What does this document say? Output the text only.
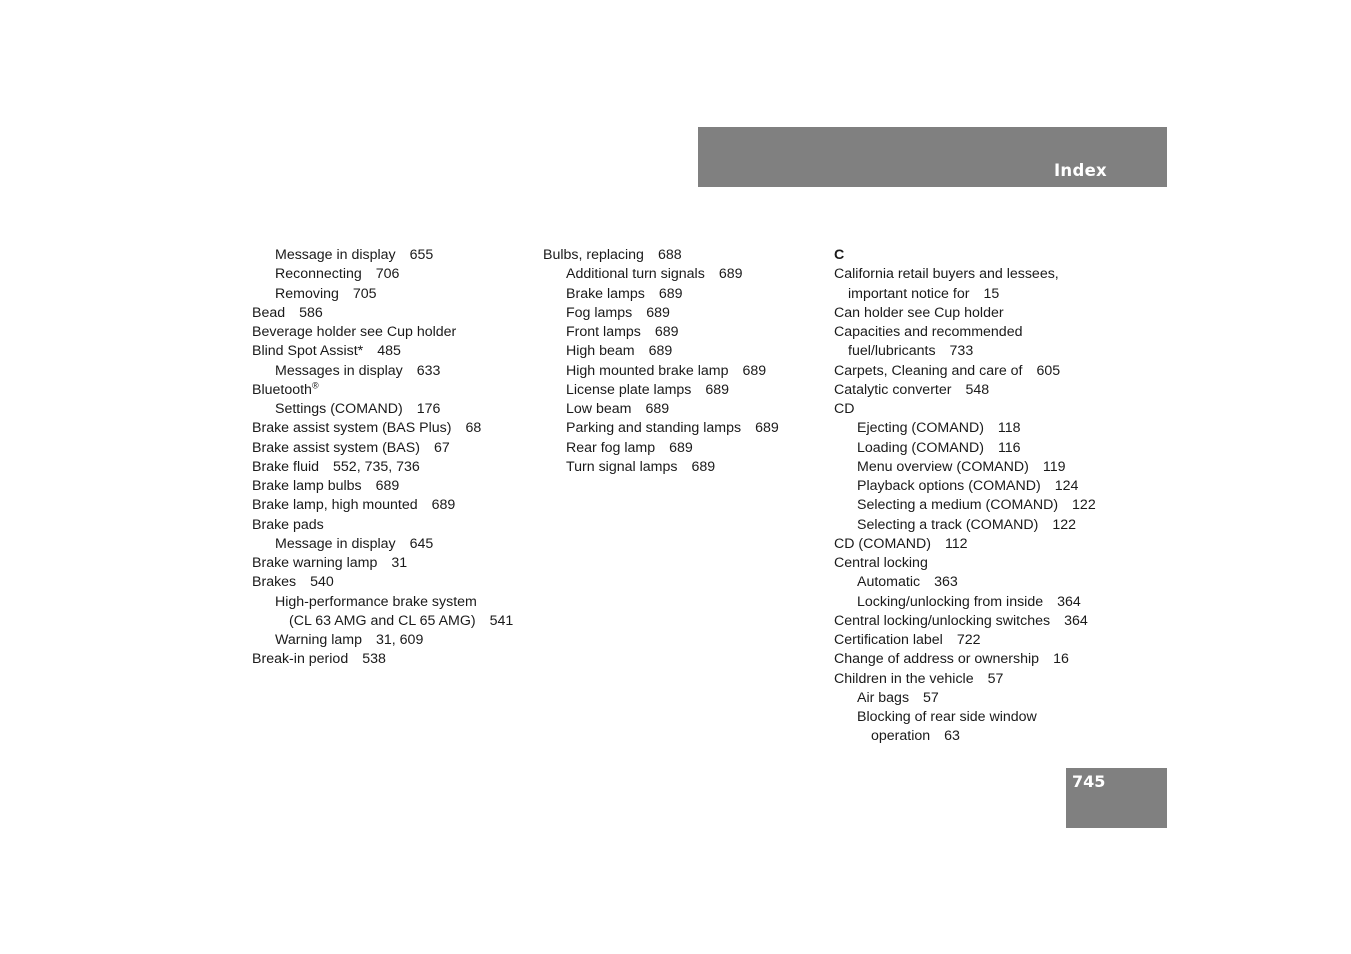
Index
Message in display 655
Reconnecting 706
Removing 705
Bead 586
Beverage holder see Cup holder
Blind Spot Assist* 485
Messages in display 633
Bluetooth®
Settings (COMAND) 176
Brake assist system (BAS Plus) 68
Brake assist system (BAS) 67
Brake fluid 552, 735, 736
Brake lamp bulbs 689
Brake lamp, high mounted 689
Brake pads
Message in display 645
Brake warning lamp 31
Brakes 540
High-performance brake system
(CL 63 AMG and CL 65 AMG) 541
Warning lamp 31, 609
Break-in period 538
Bulbs, replacing 688
Additional turn signals 689
Brake lamps 689
Fog lamps 689
Front lamps 689
High beam 689
High mounted brake lamp 689
License plate lamps 689
Low beam 689
Parking and standing lamps 689
Rear fog lamp 689
Turn signal lamps 689
C
California retail buyers and lessees,
important notice for 15
Can holder see Cup holder
Capacities and recommended
fuel/lubricants 733
Carpets, Cleaning and care of 605
Catalytic converter 548
CD
Ejecting (COMAND) 118
Loading (COMAND) 116
Menu overview (COMAND) 119
Playback options (COMAND) 124
Selecting a medium (COMAND) 122
Selecting a track (COMAND) 122
CD (COMAND) 112
Central locking
Automatic 363
Locking/unlocking from inside 364
Central locking/unlocking switches 364
Certification label 722
Change of address or ownership 16
Children in the vehicle 57
Air bags 57
Blocking of rear side window
operation 63
745
